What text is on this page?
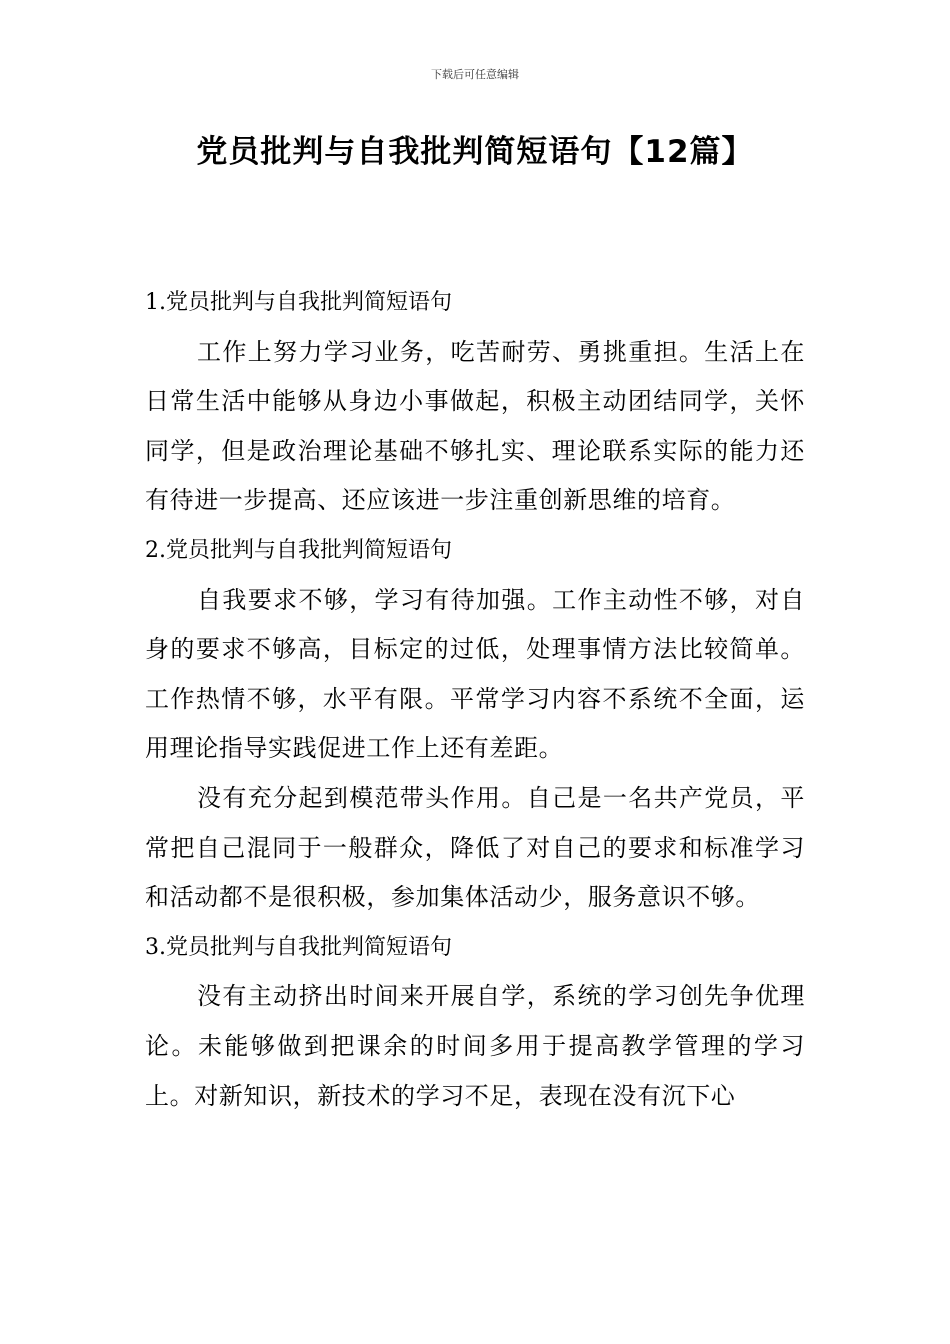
下载后可任意编辑
党员批判与自我批判简短语句【12篇】

1.党员批判与自我批判简短语句

工作上努力学习业务，吃苦耐劳、勇挑重担。生活上在日常生活中能够从身边小事做起，积极主动团结同学，关怀同学，但是政治理论基础不够扎实、理论联系实际的能力还有待进一步提高、还应该进一步注重创新思维的培育。

2.党员批判与自我批判简短语句

自我要求不够，学习有待加强。工作主动性不够，对自身的要求不够高，目标定的过低，处理事情方法比较简单。工作热情不够，水平有限。平常学习内容不系统不全面，运用理论指导实践促进工作上还有差距。

没有充分起到模范带头作用。自己是一名共产党员，平常把自己混同于一般群众，降低了对自己的要求和标准学习和活动都不是很积极，参加集体活动少，服务意识不够。

3.党员批判与自我批判简短语句

没有主动挤出时间来开展自学，系统的学习创先争优理论。未能够做到把课余的时间多用于提高教学管理的学习上。对新知识，新技术的学习不足，表现在没有沉下心
